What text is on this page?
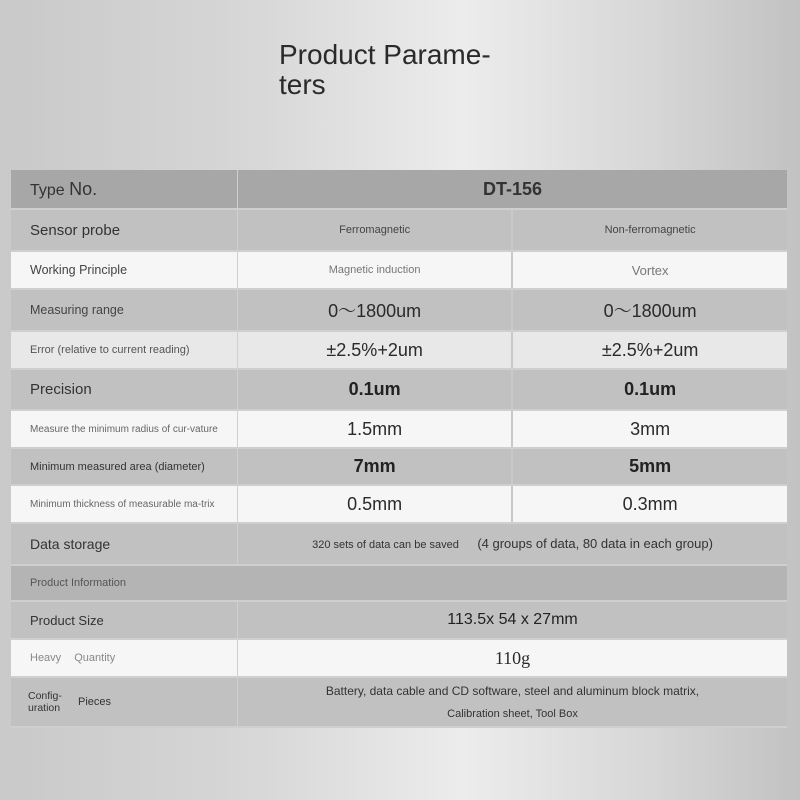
Product Parame-
ters
Type No.	DT-156	
Sensor probe	Ferromagnetic	Non-ferromagnetic
Working Principle	Magnetic induction	Vortex
Measuring range	0～1800um	0～1800um
Error (relative to current reading)	±2.5%+2um	±2.5%+2um
Precision	0.1um	0.1um
Measure the minimum radius of cur-vature	1.5mm	3mm
Minimum measured area (diameter)	7mm	5mm
Minimum thickness of measurable ma-trix	0.5mm	0.3mm
Data storage	320 sets of data can be saved (4 groups of data, 80 data in each group)	
Product Information		
Product Size	113.5x 54 x 27mm	
Heavy Quantity	110g	
Config-uration Pieces	Battery, data cable and CD software, steel and aluminum block matrix,
Calibration sheet, Tool Box	
